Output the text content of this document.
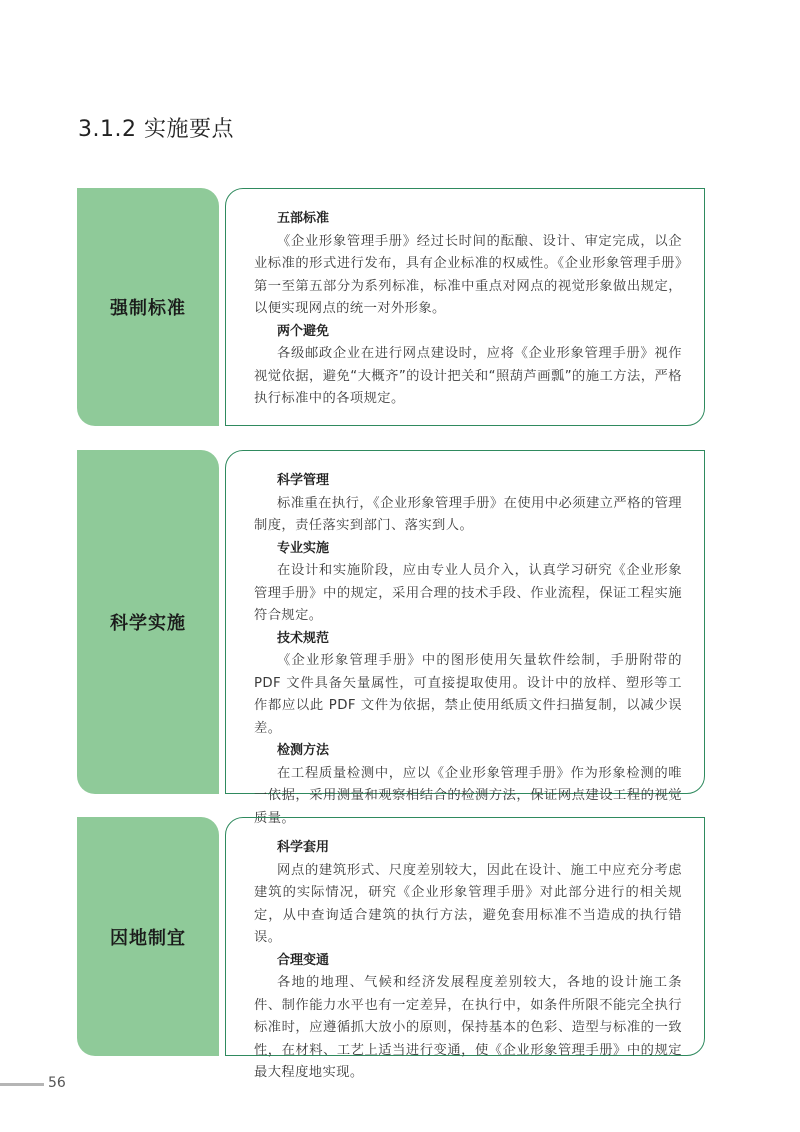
3.1.2 实施要点
强制标准
五部标准

《企业形象管理手册》经过长时间的酝酿、设计、审定完成，以企业标准的形式进行发布，具有企业标准的权威性。《企业形象管理手册》第一至第五部分为系列标准，标准中重点对网点的视觉形象做出规定，以便实现网点的统一对外形象。

两个避免

各级邮政企业在进行网点建设时，应将《企业形象管理手册》视作视觉依据，避免“大概齐”的设计把关和“照葫芦画瓢”的施工方法，严格执行标准中的各项规定。

科学实施
科学管理

标准重在执行，《企业形象管理手册》在使用中必须建立严格的管理制度，责任落实到部门、落实到人。

专业实施

在设计和实施阶段，应由专业人员介入，认真学习研究《企业形象管理手册》中的规定，采用合理的技术手段、作业流程，保证工程实施符合规定。

技术规范

《企业形象管理手册》中的图形使用矢量软件绘制，手册附带的 PDF 文件具备矢量属性，可直接提取使用。设计中的放样、塑形等工作都应以此 PDF 文件为依据，禁止使用纸质文件扫描复制，以减少误差。

检测方法

在工程质量检测中，应以《企业形象管理手册》作为形象检测的唯一依据，采用测量和观察相结合的检测方法，保证网点建设工程的视觉质量。

因地制宜
科学套用

网点的建筑形式、尺度差别较大，因此在设计、施工中应充分考虑建筑的实际情况，研究《企业形象管理手册》对此部分进行的相关规定，从中查询适合建筑的执行方法，避免套用标准不当造成的执行错误。

合理变通

各地的地理、气候和经济发展程度差别较大，各地的设计施工条件、制作能力水平也有一定差异，在执行中，如条件所限不能完全执行标准时，应遵循抓大放小的原则，保持基本的色彩、造型与标准的一致性，在材料、工艺上适当进行变通，使《企业形象管理手册》中的规定最大程度地实现。

56
